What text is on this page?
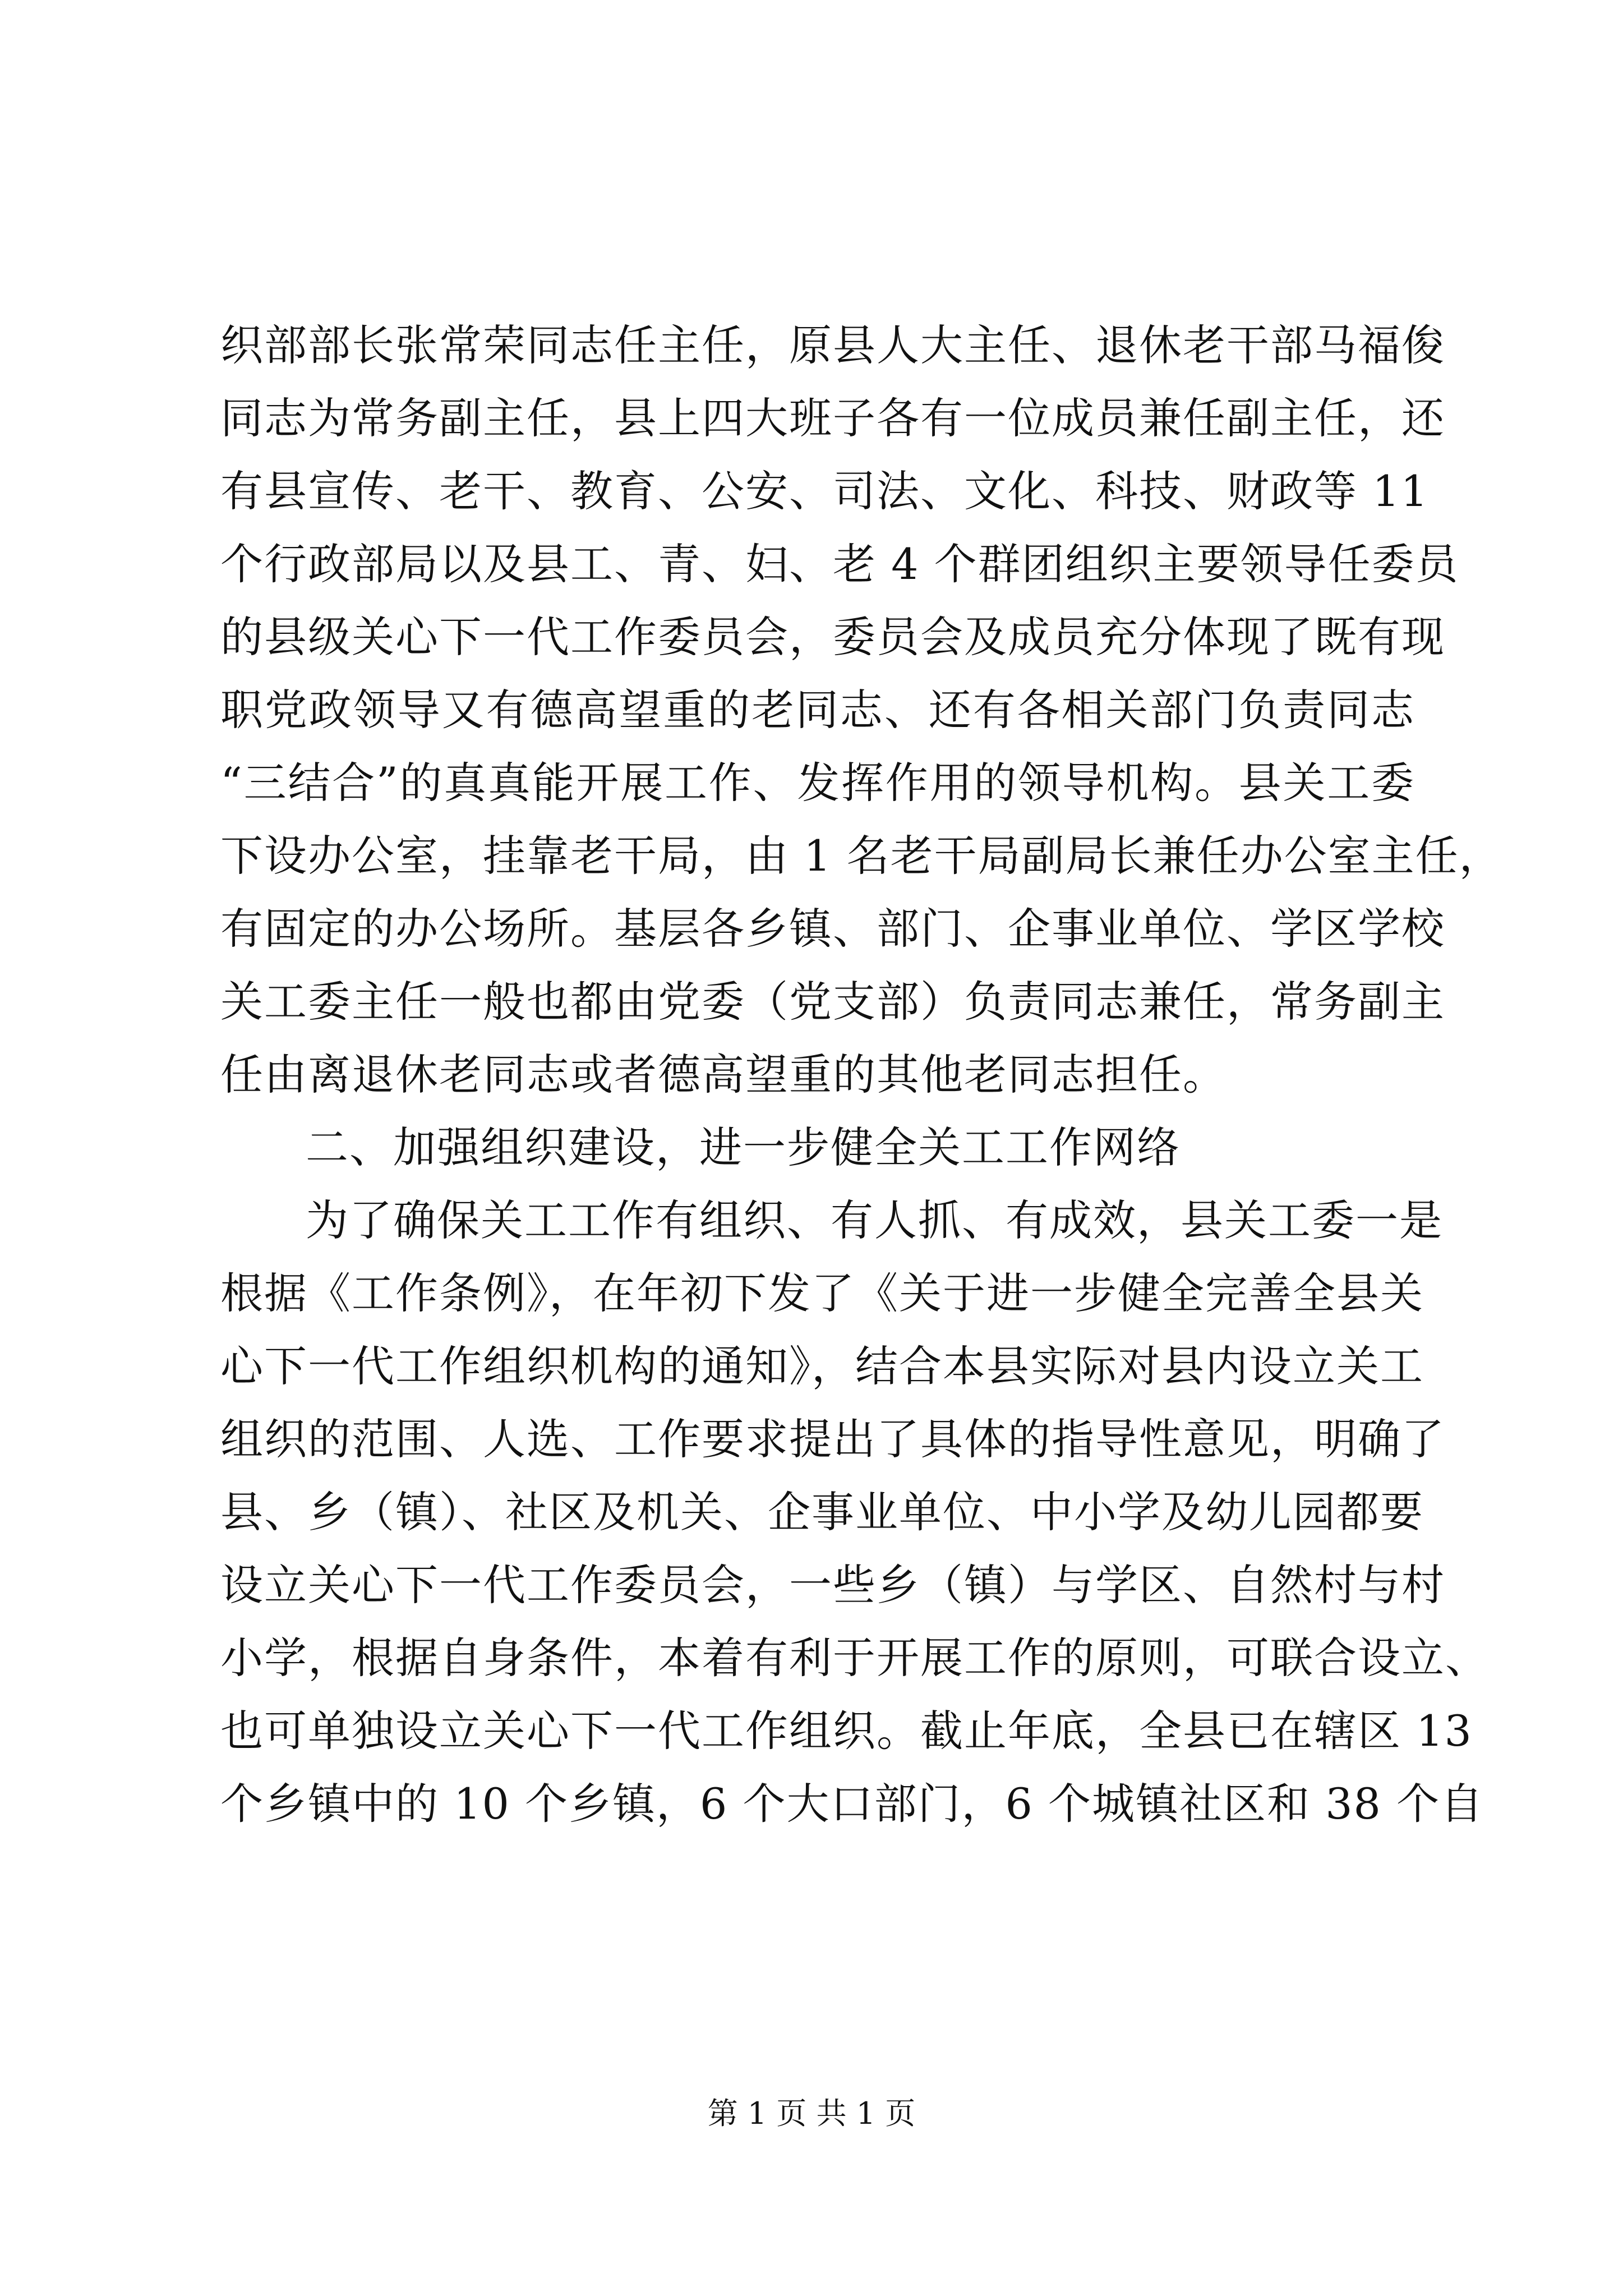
织部部长张常荣同志任主任，原县人大主任、退休老干部马福俊
同志为常务副主任，县上四大班子各有一位成员兼任副主任，还
有县宣传、老干、教育、公安、司法、文化、科技、财政等 11
个行政部局以及县工、青、妇、老 4 个群团组织主要领导任委员
的县级关心下一代工作委员会，委员会及成员充分体现了既有现
职党政领导又有德高望重的老同志、还有各相关部门负责同志
“三结合”的真真能开展工作、发挥作用的领导机构。县关工委
下设办公室，挂靠老干局，由 1 名老干局副局长兼任办公室主任，
有固定的办公场所。基层各乡镇、部门、企事业单位、学区学校
关工委主任一般也都由党委（党支部）负责同志兼任，常务副主
任由离退休老同志或者德高望重的其他老同志担任。
二、加强组织建设，进一步健全关工工作网络
为了确保关工工作有组织、有人抓、有成效，县关工委一是
根据《工作条例》，在年初下发了《关于进一步健全完善全县关
心下一代工作组织机构的通知》，结合本县实际对县内设立关工
组织的范围、人选、工作要求提出了具体的指导性意见，明确了
县、乡（镇）、社区及机关、企事业单位、中小学及幼儿园都要
设立关心下一代工作委员会，一些乡（镇）与学区、自然村与村
小学，根据自身条件，本着有利于开展工作的原则，可联合设立、
也可单独设立关心下一代工作组织。截止年底，全县已在辖区 13
个乡镇中的 10 个乡镇，6 个大口部门，6 个城镇社区和 38 个自
第 1 页 共 1 页
